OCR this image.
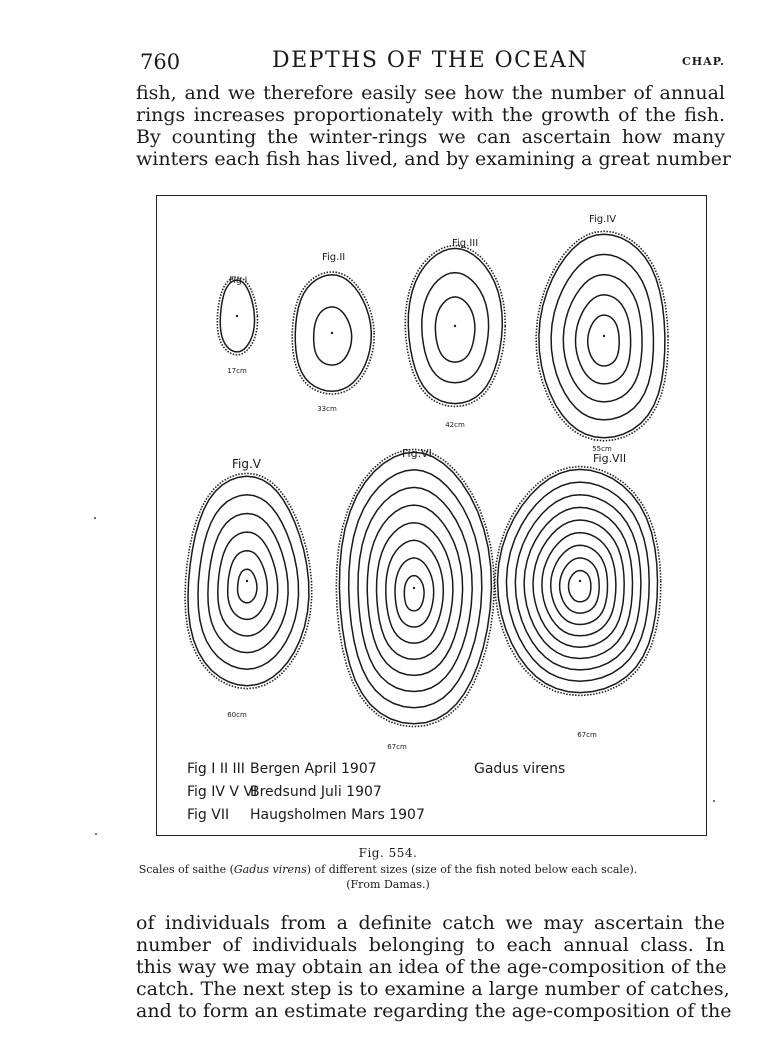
760	DEPTHS OF THE OCEAN	CHAP.
fish, and we therefore easily see how the number of annual
rings increases proportionately with the growth of the fish.
By counting the winter-rings we can ascertain how many
winters each fish has lived, and by examining a great number
Fig.I
17cm
Fig.II
33cm
Fig.III
42cm
Fig.IV
55cm
Fig.V
60cm
Fig.VI
67cm
Fig.VII
67cm
Fig I II III Bergen April 1907
Fig IV V VI
Bredsund Juli 1907
Fig VII Haugsholmen Mars 1907
Gadus virens
Fig. 554.
Scales of saithe (Gadus virens) of different sizes (size of the fish noted below each scale).
(From Damas.)
of individuals from a definite catch we may ascertain the
number of individuals belonging to each annual class. In
this way we may obtain an idea of the age-composition of the
catch. The next step is to examine a large number of catches,
and to form an estimate regarding the age-composition of the
